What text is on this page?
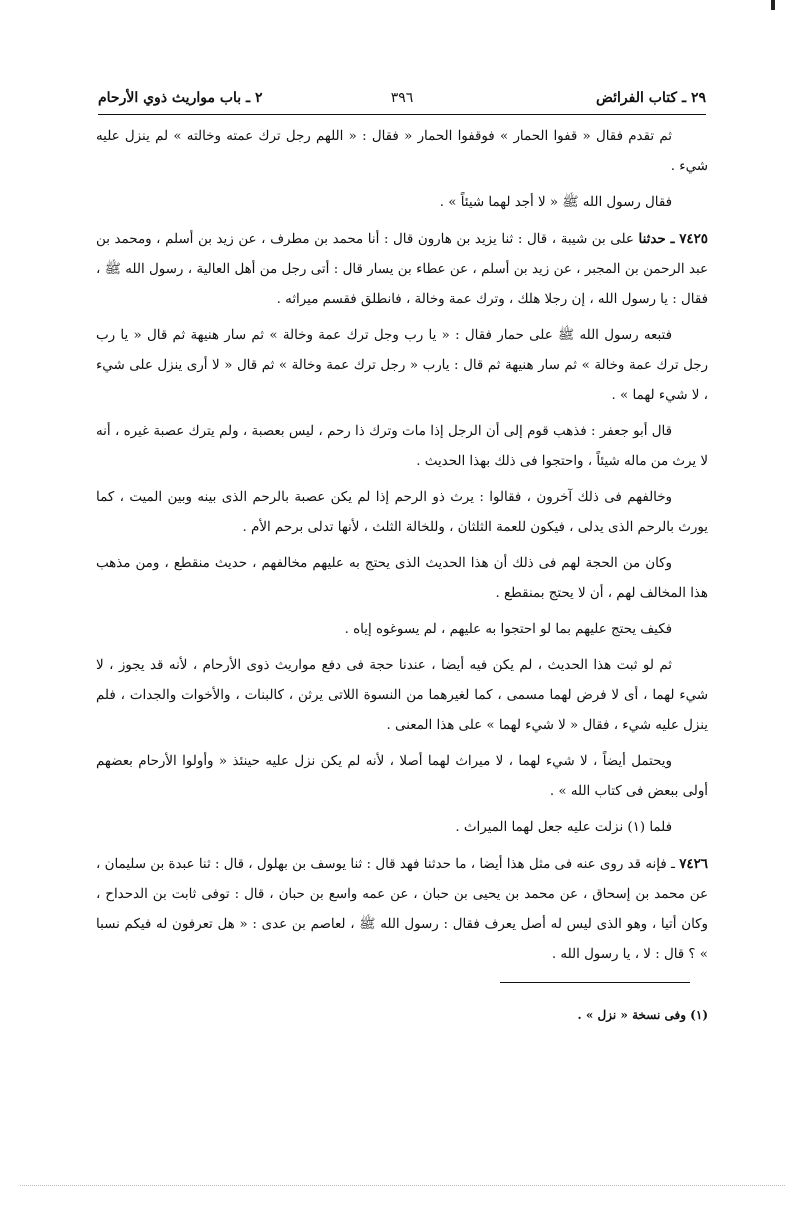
٢٩ ـ كتاب الفرائض
٣٩٦
٢ ـ باب مواريث ذوي الأرحام

ثم تقدم فقال « قفوا الحمار » فوقفوا الحمار « فقال : « اللهم رجل ترك عمته وخالته » لم ينزل عليه شيء .

فقال رسول الله ﷺ « لا أجد لهما شيئاً » .

٧٤٢٥ ـ حدثنا على بن شيبة ، قال : ثنا يزيد بن هارون قال : أنا محمد بن مطرف ، عن زيد بن أسلم ، ومحمد بن عبد الرحمن بن المجبر ، عن زيد بن أسلم ، عن عطاء بن يسار قال : أتى رجل من أهل العالية ، رسول الله ﷺ ، فقال : يا رسول الله ، إن رجلا هلك ، وترك عمة وخالة ، فانطلق فقسم ميراثه .

فتبعه رسول الله ﷺ على حمار فقال : « يا رب وجل ترك عمة وخالة » ثم سار هنيهة ثم قال « يا رب رجل ترك عمة وخالة » ثم سار هنيهة ثم قال : يارب « رجل ترك عمة وخالة » ثم قال « لا أرى ينزل على شيء ، لا شيء لهما » .

قال أبو جعفر : فذهب قوم إلى أن الرجل إذا مات وترك ذا رحم ، ليس بعصبة ، ولم يترك عصبة غيره ، أنه لا يرث من ماله شيئاً ، واحتجوا فى ذلك بهذا الحديث .

وخالفهم فى ذلك آخرون ، فقالوا : يرث ذو الرحم إذا لم يكن عصبة بالرحم الذى بينه وبين الميت ، كما يورث بالرحم الذى يدلى ، فيكون للعمة الثلثان ، وللخالة الثلث ، لأنها تدلى برحم الأم .

وكان من الحجة لهم فى ذلك أن هذا الحديث الذى يحتج به عليهم مخالفهم ، حديث منقطع ، ومن مذهب هذا المخالف لهم ، أن لا يحتج بمنقطع .

فكيف يحتج عليهم بما لو احتجوا به عليهم ، لم يسوغوه إياه .

ثم لو ثبت هذا الحديث ، لم يكن فيه أيضا ، عندنا حجة فى دفع مواريث ذوى الأرحام ، لأنه قد يجوز ، لا شيء لهما ، أى لا فرض لهما مسمى ، كما لغيرهما من النسوة اللاتى يرثن ، كالبنات ، والأخوات والجدات ، فلم ينزل عليه شيء ، فقال « لا شيء لهما » على هذا المعنى .

ويحتمل أيضاً ، لا شيء لهما ، لا ميراث لهما أصلا ، لأنه لم يكن نزل عليه حينئذ « وأولوا الأرحام بعضهم أولى ببعض فى كتاب الله » .

فلما (١) نزلت عليه جعل لهما الميراث .

٧٤٢٦ ـ فإنه قد روى عنه فى مثل هذا أيضا ، ما حدثنا فهد قال : ثنا يوسف بن بهلول ، قال : ثنا عبدة بن سليمان ، عن محمد بن إسحاق ، عن محمد بن يحيى بن حبان ، عن عمه واسع بن حبان ، قال : توفى ثابت بن الدحداح ، وكان أتيا ، وهو الذى ليس له أصل يعرف فقال : رسول الله ﷺ ، لعاصم بن عدى : « هل تعرفون له فيكم نسبا » ؟ قال : لا ، يا رسول الله .

(١) وفى نسخة « نزل » .
